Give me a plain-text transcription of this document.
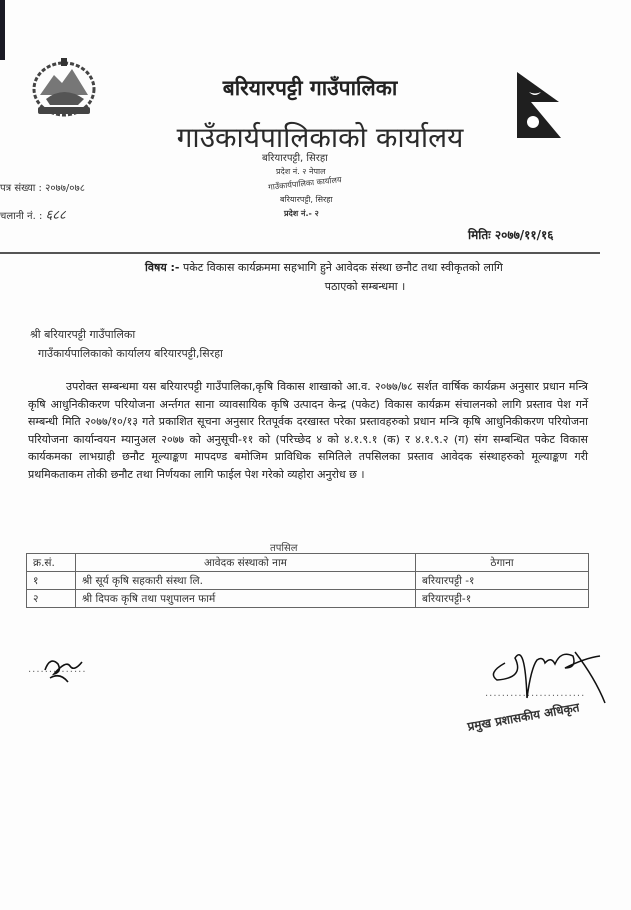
बरियारपट्टी गाउँपालिका
गाउँकार्यपालिकाको कार्यालय
बरियारपट्टी, सिरहा
प्रदेश नं. २ नेपाल
गाउँकार्यपालिका कार्यालय
बरियारपट्टी, सिरहा
प्रदेश नं.- २
पत्र संख्या : २०७७/०७८
चलानी नं. : ६८८
मितिः २०७७/११/१६
विषय :- पकेट विकास कार्यक्रममा सहभागि हुने आवेदक संस्था छनौट तथा स्वीकृतको लागि
पठाएको सम्बन्धमा ।
श्री बरियारपट्टी गाउँपालिका
गाउँकार्यपालिकाको कार्यालय बरियारपट्टी,सिरहा
उपरोक्त सम्बन्धमा यस बरियारपट्टी गाउँपालिका,कृषि विकास शाखाको आ.व. २०७७/७८ सर्शत वार्षिक कार्यक्रम अनुसार प्रधान मन्त्रि कृषि आधुनिकीकरण परियोजना अर्न्तगत साना व्यावसायिक कृषि उत्पादन केन्द्र (पकेट) विकास कार्यक्रम संचालनको लागि प्रस्ताव पेश गर्ने सम्बन्धी मिति २०७७/१०/१३ गते प्रकाशित सूचना अनुसार रितपूर्वक दरखास्त परेका प्रस्तावहरुको प्रधान मन्त्रि कृषि आधुनिकीकरण परियोजना परियोजना कार्यान्वयन म्यानुअल २०७७ को अनुसूची-११ को (परिच्छेद ४ को ४.१.९.१ (क) र ४.१.९.२ (ग) संग सम्बन्धित पकेट विकास कार्यकमका लाभग्राही छनौट मूल्याङ्कण मापदण्ड बमोजिम प्राविधिक समितिले तपसिलका प्रस्ताव आवेदक संस्थाहरुको मूल्याङ्कण गरी प्रथमिकताकम तोकी छनौट तथा निर्णयका लागि फाईल पेश गरेको व्यहोरा अनुरोध छ ।
तपसिल
क्र.सं.	आवेदक संस्थाको नाम	ठेगाना
१	श्री सूर्य कृषि सहकारी संस्था लि.	बरियारपट्टी -१
२	श्री दिपक कृषि तथा पशुपालन फार्म	बरियारपट्टी-१
..............
........................
प्रमुख प्रशासकीय अधिकृत
